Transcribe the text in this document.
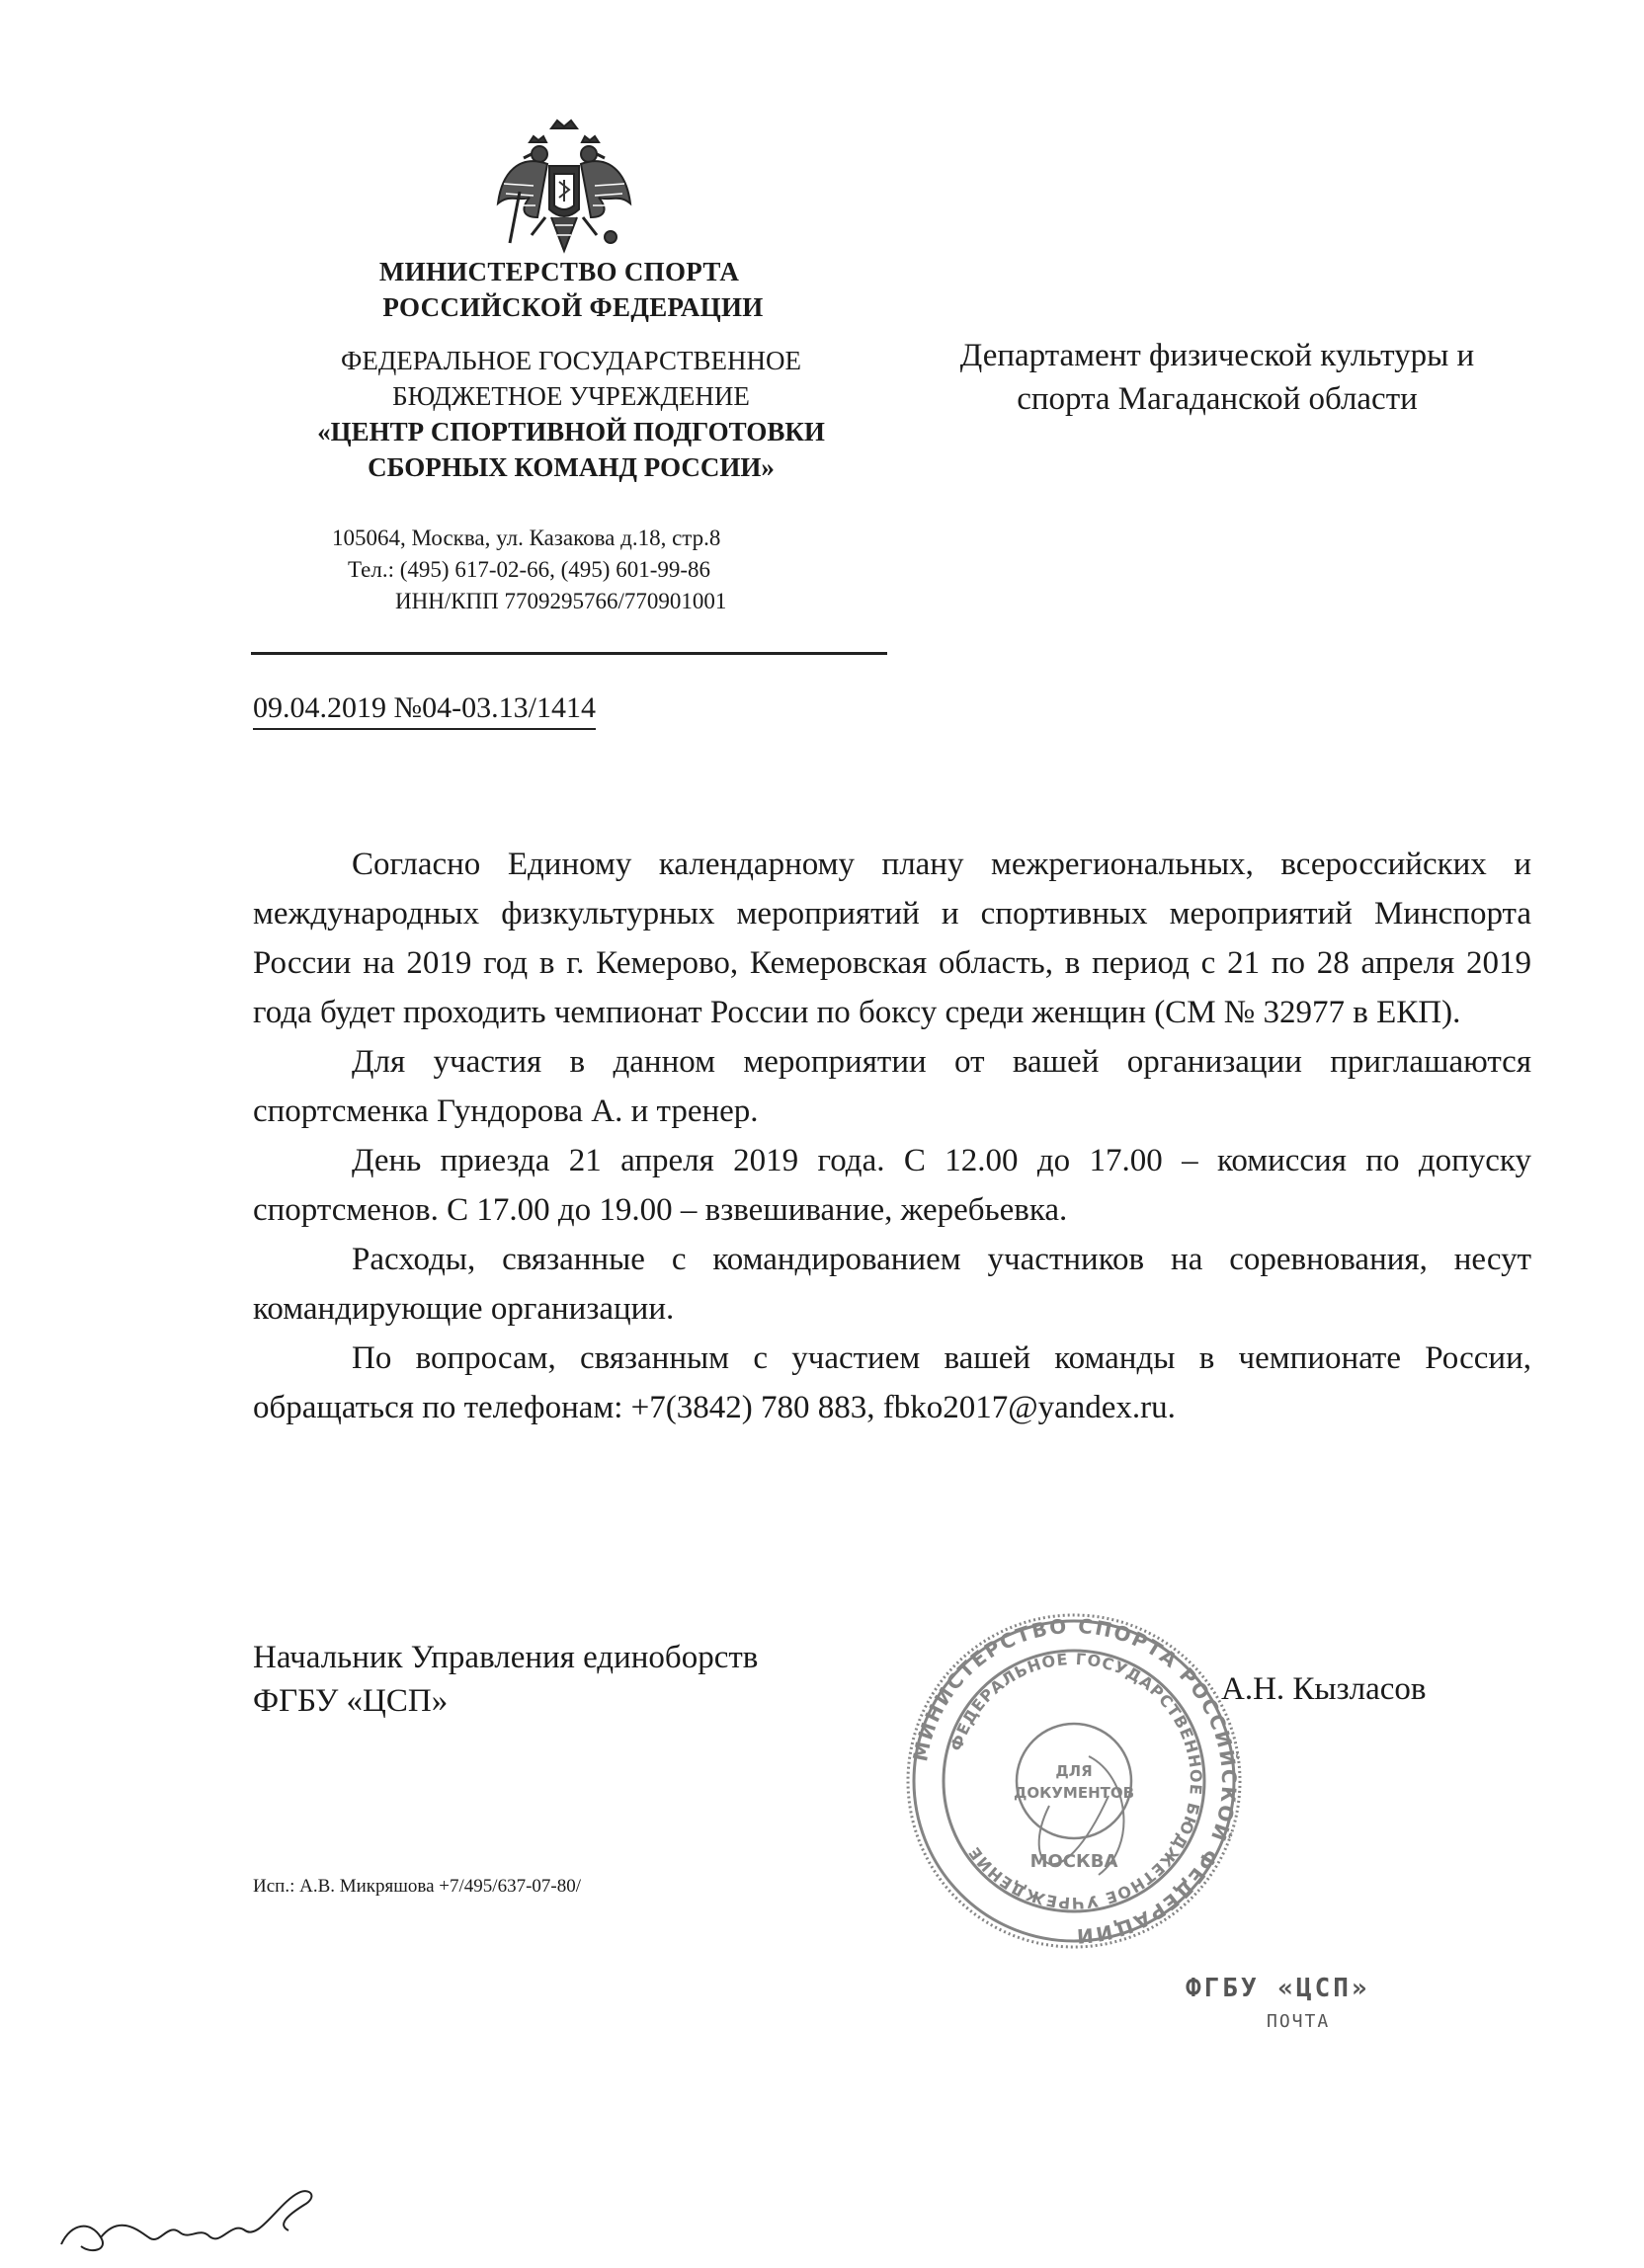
МИНИСТЕРСТВО СПОРТА
РОССИЙСКОЙ ФЕДЕРАЦИИ
ФЕДЕРАЛЬНОЕ ГОСУДАРСТВЕННОЕ
БЮДЖЕТНОЕ УЧРЕЖДЕНИЕ
«ЦЕНТР СПОРТИВНОЙ ПОДГОТОВКИ
СБОРНЫХ КОМАНД РОССИИ»
105064, Москва, ул. Казакова д.18, стр.8
Тел.: (495) 617-02-66, (495) 601-99-86
ИНН/КПП 7709295766/770901001
09.04.2019 №04-03.13/1414
Департамент физической культуры и
спорта Магаданской области

Согласно Единому календарному плану межрегиональных, всероссийских и международных физкультурных мероприятий и спортивных мероприятий Минспорта России на 2019 год в г. Кемерово, Кемеровская область, в период с 21 по 28 апреля 2019 года будет проходить чемпионат России по боксу среди женщин (СМ № 32977 в ЕКП).

Для участия в данном мероприятии от вашей организации приглашаются спортсменка Гундорова А. и тренер.

День приезда 21 апреля 2019 года. С 12.00 до 17.00 – комиссия по допуску спортсменов. С 17.00 до 19.00 – взвешивание, жеребьевка.

Расходы, связанные с командированием участников на соревнования, несут командирующие организации.

По вопросам, связанным с участием вашей команды в чемпионате России, обращаться по телефонам: +7(3842) 780 883, fbko2017@yandex.ru.

Начальник Управления единоборств
ФГБУ «ЦСП»	А.Н. Кызласов
МИНИСТЕРСТВО СПОРТА РОССИЙСКОЙ ФЕДЕРАЦИИ
ФЕДЕРАЛЬНОЕ ГОСУДАРСТВЕННОЕ БЮДЖЕТНОЕ УЧРЕЖДЕНИЕ
ДЛЯ
ДОКУМЕНТОВ
МОСКВА
Исп.: А.В. Микряшова +7/495/637-07-80/
ФГБУ «ЦСП»
ПОЧТА
